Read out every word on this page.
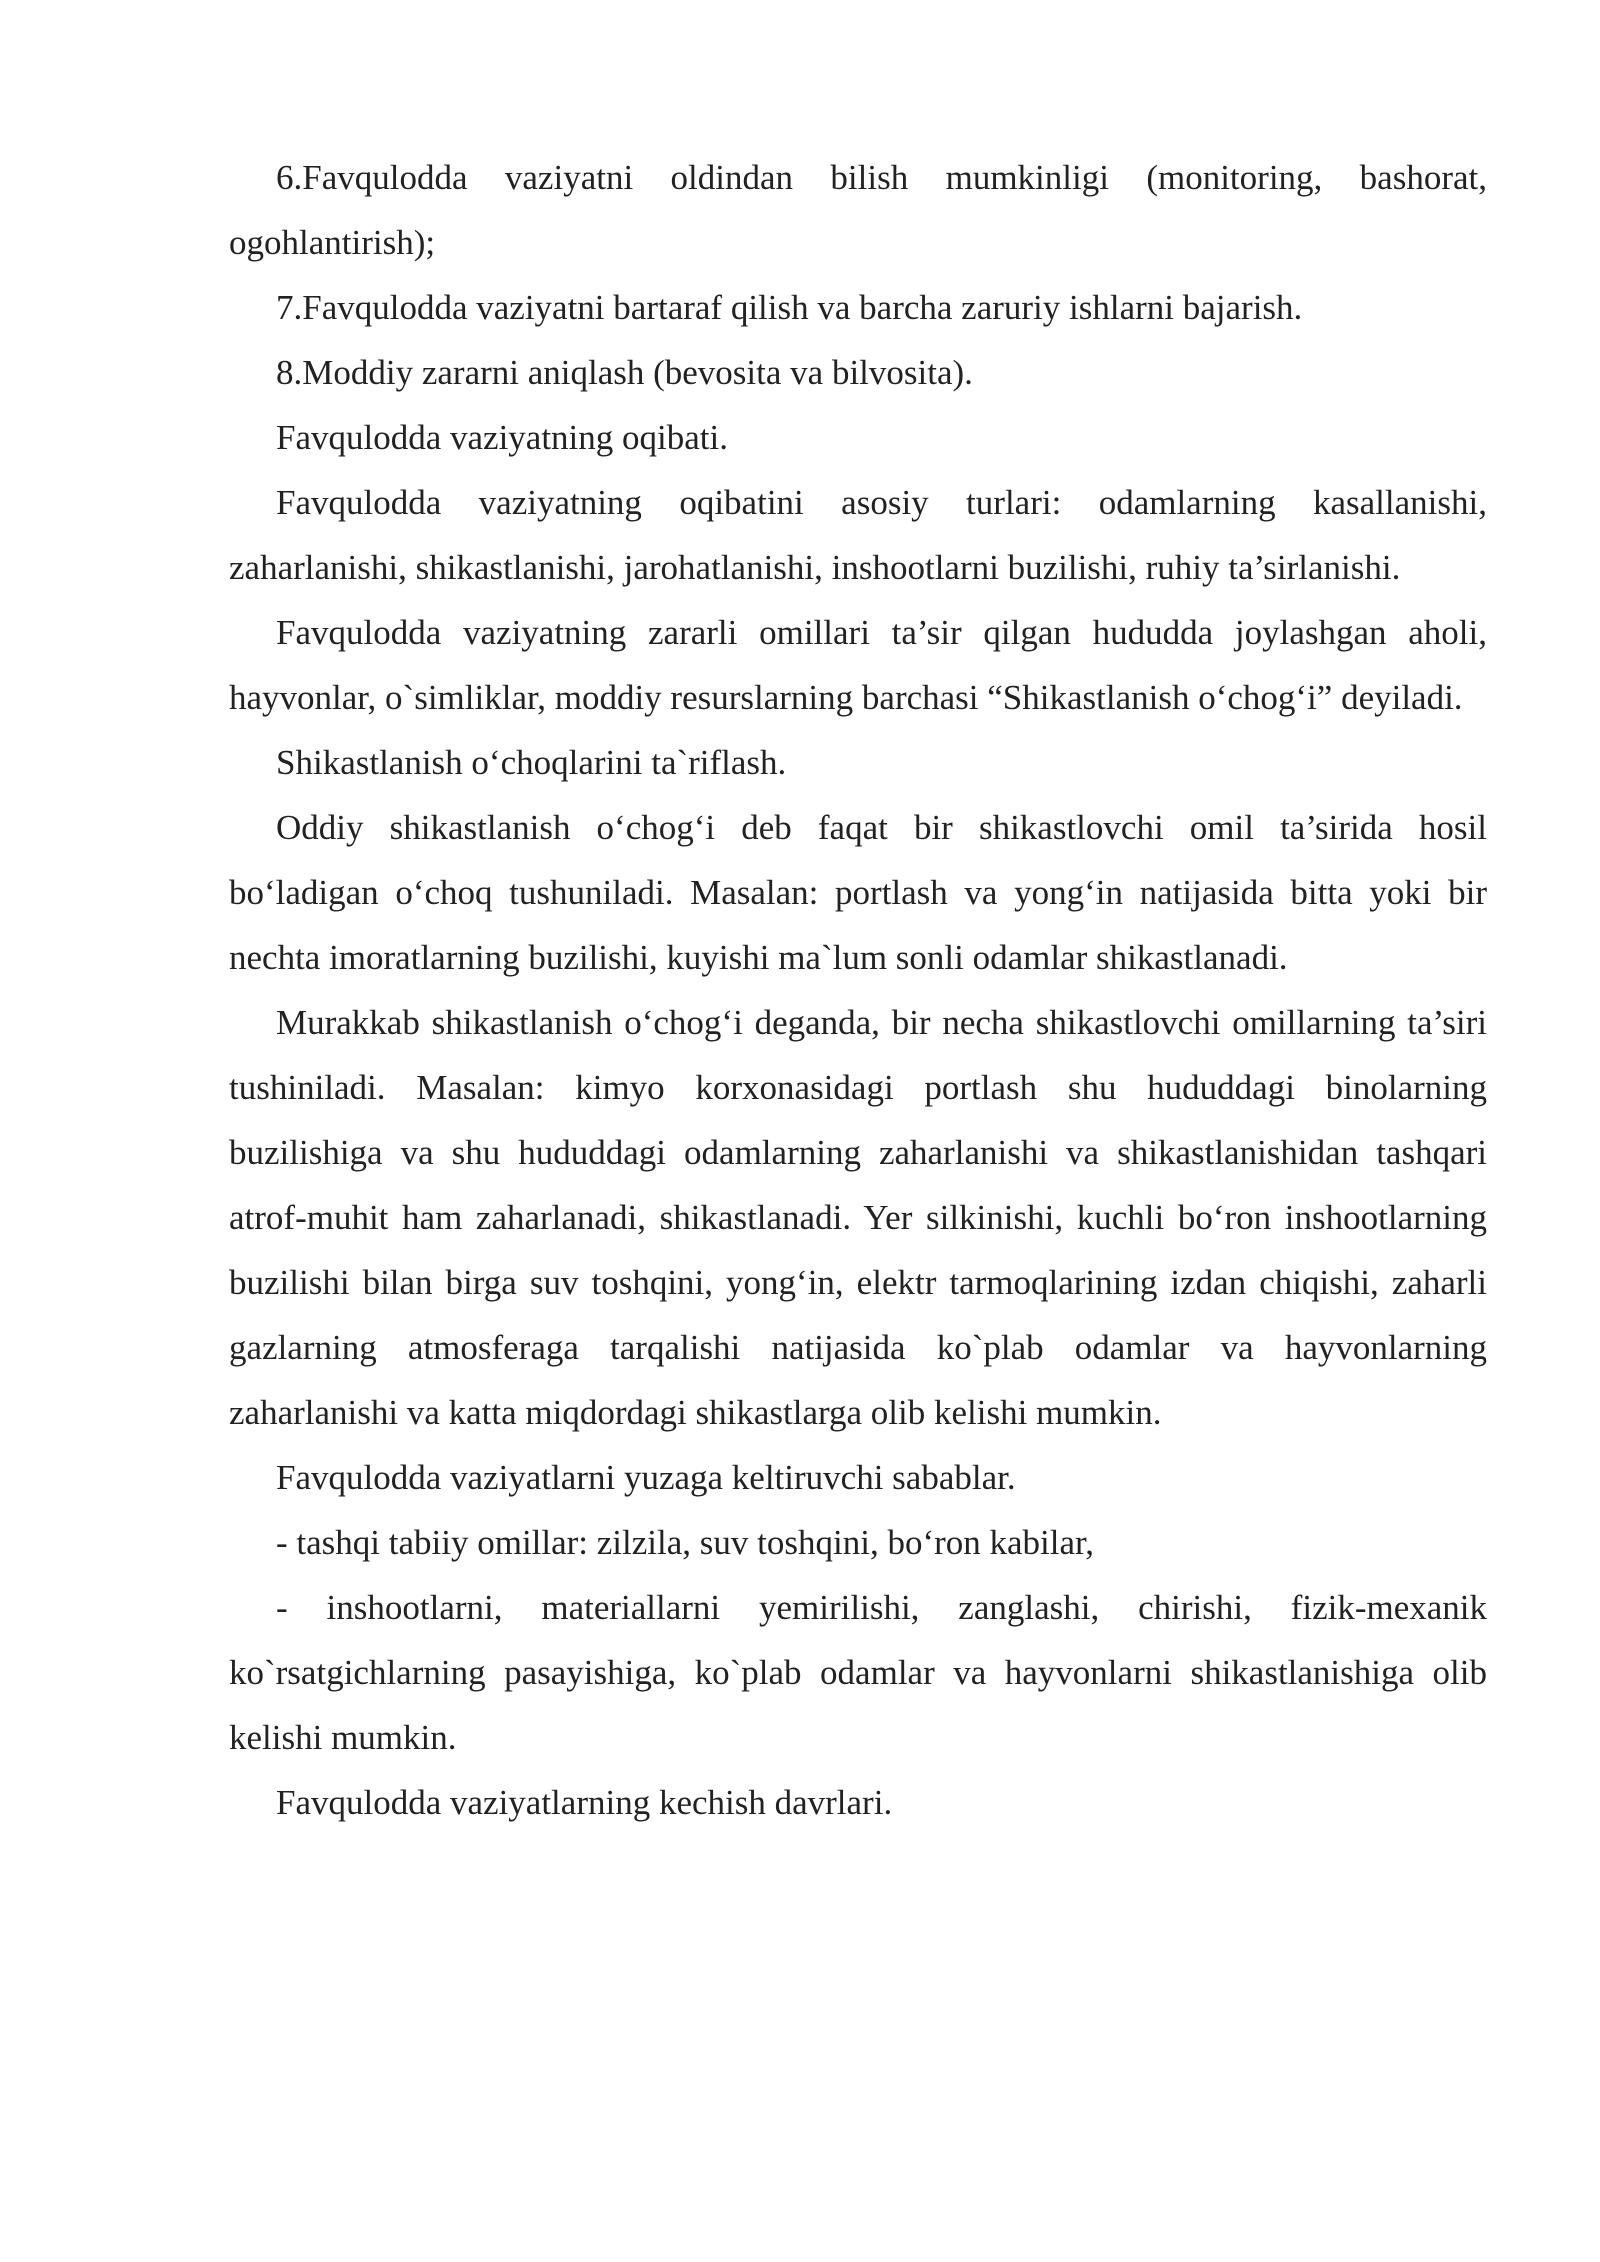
6.Favqulodda vaziyatni oldindan bilish mumkinligi (monitoring, bashorat, ogohlantirish);

7.Favqulodda vaziyatni bartaraf qilish va barcha zaruriy ishlarni bajarish.

8.Moddiy zararni aniqlash (bevosita va bilvosita).

Favqulodda vaziyatning oqibati.

Favqulodda vaziyatning oqibatini asosiy turlari: odamlarning kasallanishi, zaharlanishi, shikastlanishi, jarohatlanishi, inshootlarni buzilishi, ruhiy ta’sirlanishi.

Favqulodda vaziyatning zararli omillari ta’sir qilgan hududda joylashgan aholi, hayvonlar, o`simliklar, moddiy resurslarning barchasi “Shikastlanish o‘chog‘i” deyiladi.

Shikastlanish o‘choqlarini ta`riflash.

Oddiy shikastlanish o‘chog‘i deb faqat bir shikastlovchi omil ta’sirida hosil bo‘ladigan o‘choq tushuniladi. Masalan: portlash va yong‘in natijasida bitta yoki bir nechta imoratlarning buzilishi, kuyishi ma`lum sonli odamlar shikastlanadi.

Murakkab shikastlanish o‘chog‘i deganda, bir necha shikastlovchi omillarning ta’siri tushiniladi. Masalan: kimyo korxonasidagi portlash shu hududdagi binolarning buzilishiga va shu hududdagi odamlarning zaharlanishi va shikastlanishidan tashqari atrof-muhit ham zaharlanadi, shikastlanadi. Yer silkinishi, kuchli bo‘ron inshootlarning buzilishi bilan birga suv toshqini, yong‘in, elektr tarmoqlarining izdan chiqishi, zaharli gazlarning atmosferaga tarqalishi natijasida ko`plab odamlar va hayvonlarning zaharlanishi va katta miqdordagi shikastlarga olib kelishi mumkin.

Favqulodda vaziyatlarni yuzaga keltiruvchi sabablar.

- tashqi tabiiy omillar: zilzila, suv toshqini, bo‘ron kabilar,

- inshootlarni, materiallarni yemirilishi, zanglashi, chirishi, fizik-mexanik ko`rsatgichlarning pasayishiga, ko`plab odamlar va hayvonlarni shikastlanishiga olib kelishi mumkin.

Favqulodda vaziyatlarning kechish davrlari.
